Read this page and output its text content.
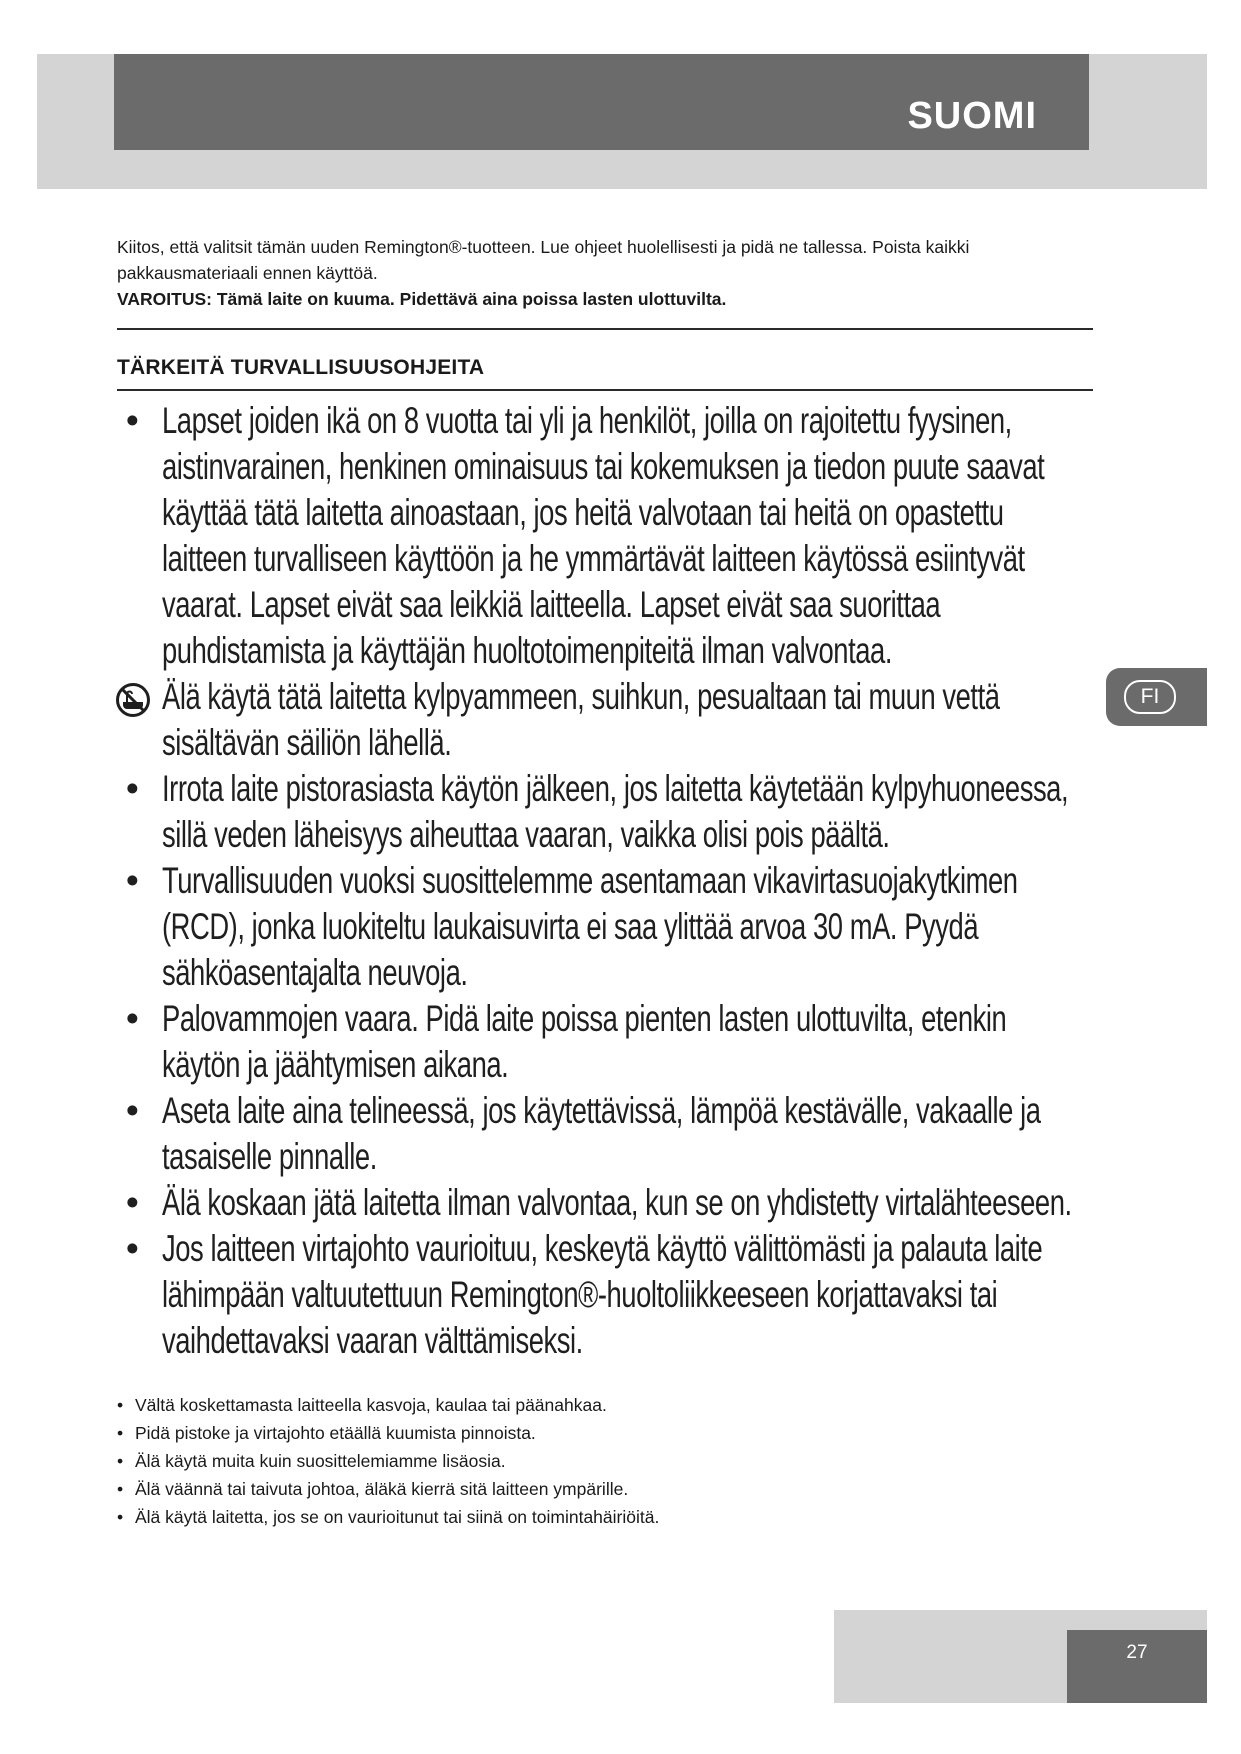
SUOMI

Kiitos, että valitsit tämän uuden Remington®-tuotteen. Lue ohjeet huolellisesti ja pidä ne tallessa. Poista kaikki pakkausmateriaali ennen käyttöä.

VAROITUS: Tämä laite on kuuma. Pidettävä aina poissa lasten ulottuvilta.

TÄRKEITÄ TURVALLISUUSOHJEITA
• Lapset joiden ikä on 8 vuotta tai yli ja henkilöt, joilla on rajoitettu fyysinen, aistinvarainen, henkinen ominaisuus tai kokemuksen ja tiedon puute saavat käyttää tätä laitetta ainoastaan, jos heitä valvotaan tai heitä on opastettu laitteen turvalliseen käyttöön ja he ymmärtävät laitteen käytössä esiintyvät vaarat. Lapset eivät saa leikkiä laitteella. Lapset eivät saa suorittaa puhdistamista ja käyttäjän huoltotoimenpiteitä ilman valvontaa.
Älä käytä tätä laitetta kylpyammeen, suihkun, pesualtaan tai muun vettä sisältävän säiliön lähellä.
• Irrota laite pistorasiasta käytön jälkeen, jos laitetta käytetään kylpyhuoneessa, sillä veden läheisyys aiheuttaa vaaran, vaikka olisi pois päältä.
• Turvallisuuden vuoksi suosittelemme asentamaan vikavirtasuojakytkimen (RCD), jonka luokiteltu laukaisuvirta ei saa ylittää arvoa 30 mA. Pyydä sähköasentajalta neuvoja.
• Palovammojen vaara. Pidä laite poissa pienten lasten ulottuvilta, etenkin käytön ja jäähtymisen aikana.
• Aseta laite aina telineessä, jos käytettävissä, lämpöä kestävälle, vakaalle ja tasaiselle pinnalle.
• Älä koskaan jätä laitetta ilman valvontaa, kun se on yhdistetty virtalähteeseen.
• Jos laitteen virtajohto vaurioituu, keskeytä käyttö välittömästi ja palauta laite lähimpään valtuutettuun Remington®-huoltoliikkeeseen korjattavaksi tai vaihdettavaksi vaaran välttämiseksi.
• Vältä koskettamasta laitteella kasvoja, kaulaa tai päänahkaa.
• Pidä pistoke ja virtajohto etäällä kuumista pinnoista.
• Älä käytä muita kuin suosittelemiamme lisäosia.
• Älä väännä tai taivuta johtoa, äläkä kierrä sitä laitteen ympärille.
• Älä käytä laitetta, jos se on vaurioitunut tai siinä on toimintahäiriöitä.
FI
27
